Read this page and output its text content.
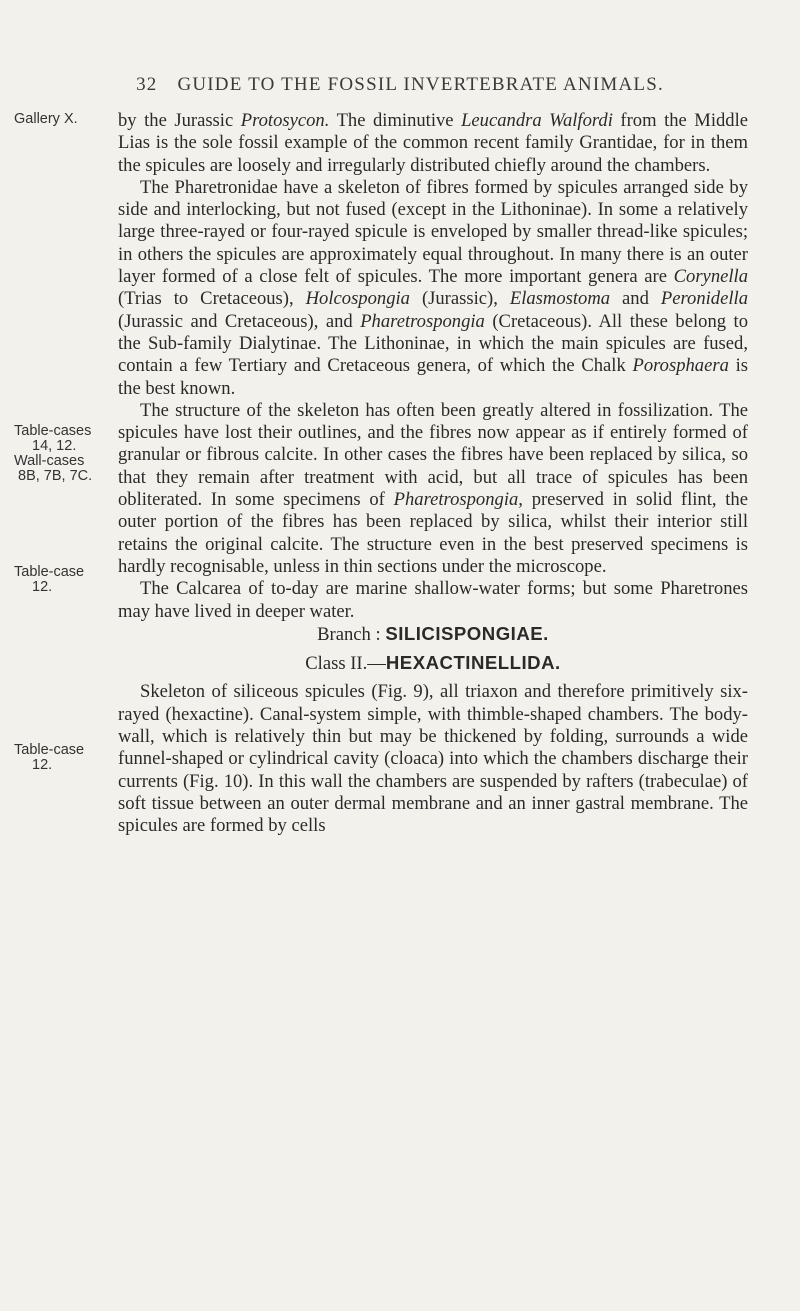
32 GUIDE TO THE FOSSIL INVERTEBRATE ANIMALS.
Gallery X.
Table-cases
14, 12.
Wall-cases
8B, 7B, 7C.
Table-case
12.
Table-case
12.

by the Jurassic Protosycon. The diminutive Leucandra Walfordi from the Middle Lias is the sole fossil example of the common recent family Grantidae, for in them the spicules are loosely and irregularly distributed chiefly around the chambers.

The Pharetronidae have a skeleton of fibres formed by spicules arranged side by side and interlocking, but not fused (except in the Lithoninae). In some a relatively large three-rayed or four-rayed spicule is enveloped by smaller thread-like spicules; in others the spicules are approximately equal throughout. In many there is an outer layer formed of a close felt of spicules. The more important genera are Corynella (Trias to Cretaceous), Holcospongia (Jurassic), Elasmostoma and Peronidella (Jurassic and Cretaceous), and Pharetrospongia (Cretaceous). All these belong to the Sub-family Dialytinae. The Lithoninae, in which the main spicules are fused, contain a few Tertiary and Cretaceous genera, of which the Chalk Porosphaera is the best known.

The structure of the skeleton has often been greatly altered in fossilization. The spicules have lost their outlines, and the fibres now appear as if entirely formed of granular or fibrous calcite. In other cases the fibres have been replaced by silica, so that they remain after treatment with acid, but all trace of spicules has been obliterated. In some specimens of Pharetrospongia, preserved in solid flint, the outer portion of the fibres has been replaced by silica, whilst their interior still retains the original calcite. The structure even in the best preserved specimens is hardly recognisable, unless in thin sections under the microscope.

The Calcarea of to-day are marine shallow-water forms; but some Pharetrones may have lived in deeper water.

Branch : SILICISPONGIAE.

Class II.—HEXACTINELLIDA.

Skeleton of siliceous spicules (Fig. 9), all triaxon and therefore primitively six-rayed (hexactine). Canal-system simple, with thimble-shaped chambers. The body-wall, which is relatively thin but may be thickened by folding, surrounds a wide funnel-shaped or cylindrical cavity (cloaca) into which the chambers discharge their currents (Fig. 10). In this wall the chambers are suspended by rafters (trabeculae) of soft tissue between an outer dermal membrane and an inner gastral membrane. The spicules are formed by cells
